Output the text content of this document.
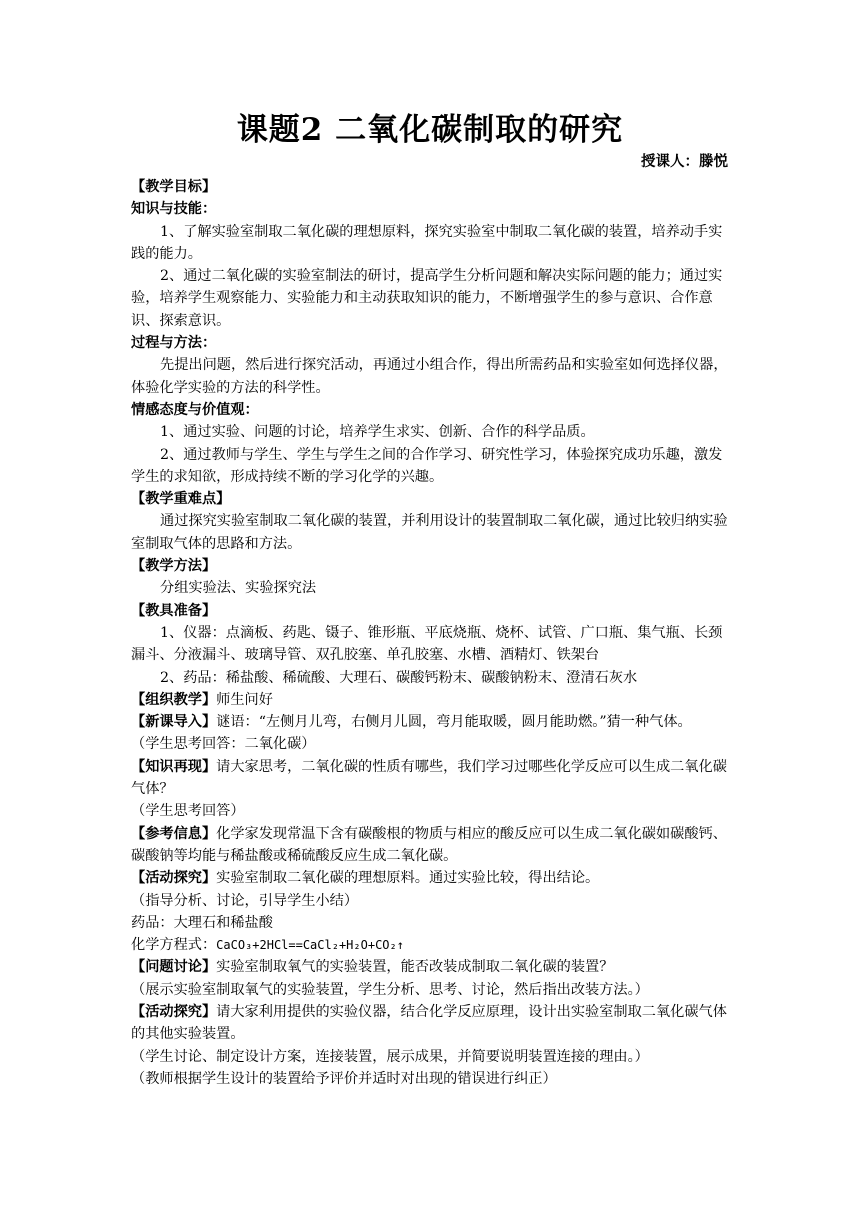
课题2 二氧化碳制取的研究
授课人：滕悦

【教学目标】

知识与技能：

1、了解实验室制取二氧化碳的理想原料，探究实验室中制取二氧化碳的装置，培养动手实践的能力。

2、通过二氧化碳的实验室制法的研讨，提高学生分析问题和解决实际问题的能力；通过实验，培养学生观察能力、实验能力和主动获取知识的能力，不断增强学生的参与意识、合作意识、探索意识。

过程与方法：

先提出问题，然后进行探究活动，再通过小组合作，得出所需药品和实验室如何选择仪器，体验化学实验的方法的科学性。

情感态度与价值观：

1、通过实验、问题的讨论，培养学生求实、创新、合作的科学品质。

2、通过教师与学生、学生与学生之间的合作学习、研究性学习，体验探究成功乐趣，激发学生的求知欲，形成持续不断的学习化学的兴趣。

【教学重难点】

通过探究实验室制取二氧化碳的装置，并利用设计的装置制取二氧化碳，通过比较归纳实验室制取气体的思路和方法。

【教学方法】

分组实验法、实验探究法

【教具准备】

1、仪器：点滴板、药匙、镊子、锥形瓶、平底烧瓶、烧杯、试管、广口瓶、集气瓶、长颈漏斗、分液漏斗、玻璃导管、双孔胶塞、单孔胶塞、水槽、酒精灯、铁架台

2、药品：稀盐酸、稀硫酸、大理石、碳酸钙粉末、碳酸钠粉末、澄清石灰水

【组织教学】师生问好

【新课导入】谜语：“左侧月儿弯，右侧月儿圆，弯月能取暖，圆月能助燃。”猜一种气体。

（学生思考回答：二氧化碳）

【知识再现】请大家思考，二氧化碳的性质有哪些，我们学习过哪些化学反应可以生成二氧化碳气体？

（学生思考回答）

【参考信息】化学家发现常温下含有碳酸根的物质与相应的酸反应可以生成二氧化碳如碳酸钙、碳酸钠等均能与稀盐酸或稀硫酸反应生成二氧化碳。

【活动探究】实验室制取二氧化碳的理想原料。通过实验比较，得出结论。

（指导分析、讨论，引导学生小结）

药品：大理石和稀盐酸

化学方程式：CaCO₃+2HCl==CaCl₂+H₂O+CO₂↑

【问题讨论】实验室制取氧气的实验装置，能否改装成制取二氧化碳的装置？

（展示实验室制取氧气的实验装置，学生分析、思考、讨论，然后指出改装方法。）

【活动探究】请大家利用提供的实验仪器，结合化学反应原理，设计出实验室制取二氧化碳气体的其他实验装置。

（学生讨论、制定设计方案，连接装置，展示成果，并简要说明装置连接的理由。）

（教师根据学生设计的装置给予评价并适时对出现的错误进行纠正）
